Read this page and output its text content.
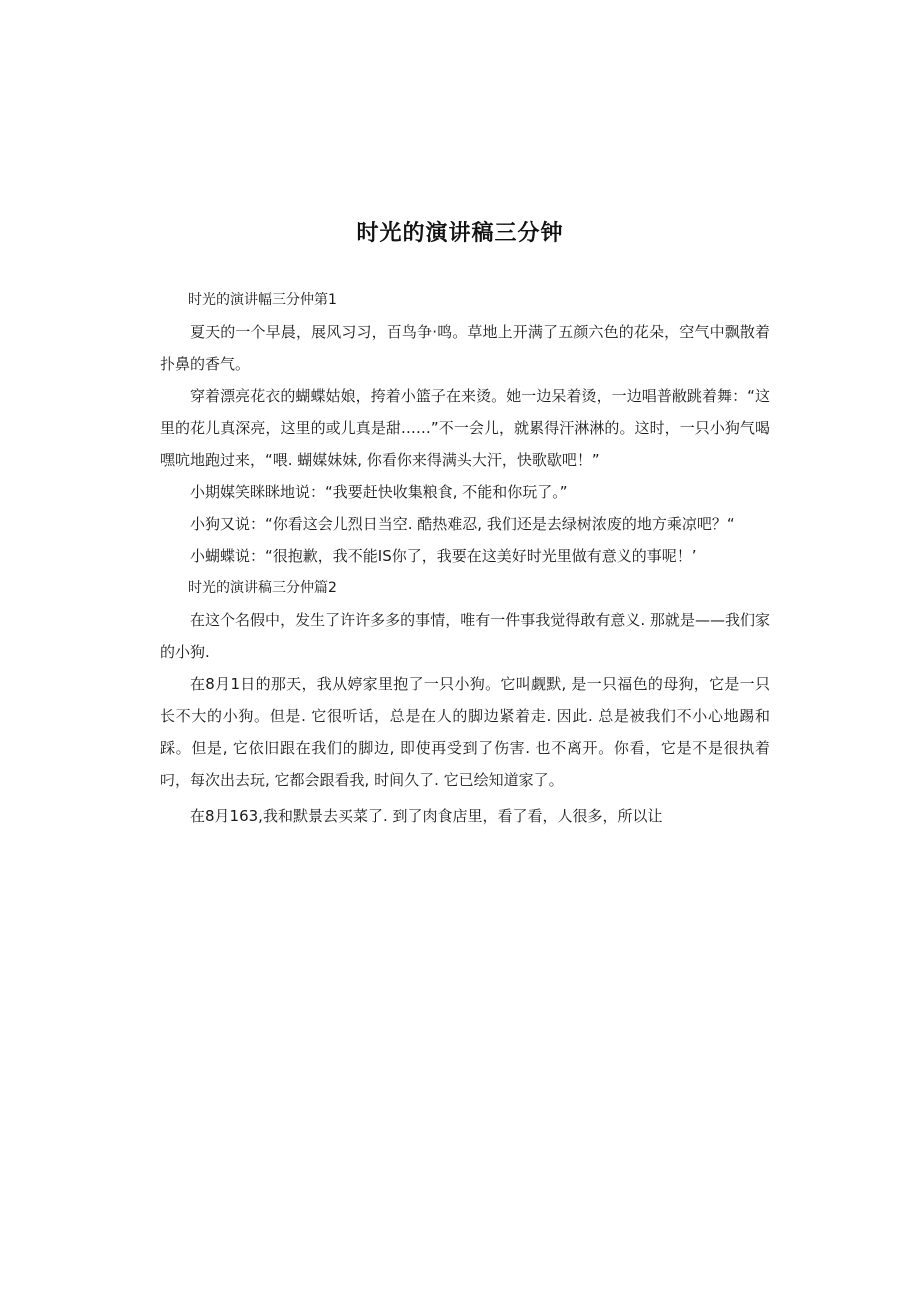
时光的演讲稿三分钟

时光的演讲幅三分仲第1

夏天的一个早晨，展风习习，百鸟争·鸣。草地上开满了五颜六色的花朵，空气中飘散着扑鼻的香气。

穿着漂亮花衣的蝴蝶姑娘，挎着小篮子在来烫。她一边呆着烫，一边唱普敝跳着舞：“这里的花儿真深亮，这里的或儿真是甜……”不一会儿，就累得汗淋淋的。这时，一只小狗气喝嘿吭地跑过来，“喂. 蝴媒妹妹, 你看你来得满头大汗，快歌歇吧！”

小期媒笑眯眯地说：“我要赶快收集粮食, 不能和你玩了。”

小狗又说：“你看这会儿烈日当空. 酷热难忍, 我们还是去绿树浓废的地方乘凉吧？“

小蝴蝶说：“很抱歉，我不能IS你了，我要在这美好时光里做有意义的事呢！’

时光的演讲稿三分仲篇2

在这个名假中，发生了许许多多的事情，唯有一件事我觉得敢有意义. 那就是——我们家的小狗.

在8月1日的那天，我从婷家里抱了一只小狗。它叫觑默, 是一只福色的母狗，它是一只长不大的小狗。但是. 它很听话，总是在人的脚边紧着走. 因此. 总是被我们不小心地踢和踩。但是, 它依旧跟在我们的脚边, 即使再受到了伤害. 也不离开。你看，它是不是很执着叼，每次出去玩, 它都会跟看我, 时间久了. 它已绘知道家了。

在8月163,我和默景去买菜了. 到了肉食店里，看了看，人很多，所以让
